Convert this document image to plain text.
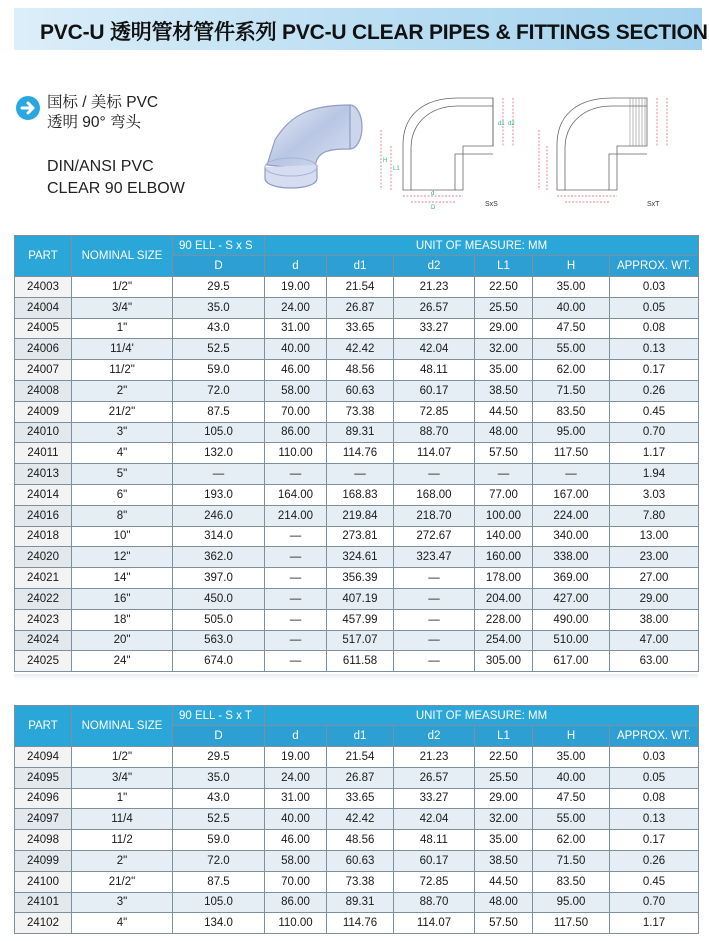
PVC-U 透明管材管件系列 PVC-U CLEAR PIPES & FITTINGS SECTION
国标 / 美标 PVC
透明 90° 弯头
DIN/ANSI PVC
CLEAR 90 ELBOW
d1 d2
H
L1
d
D	SxS	SxT
PART	NOMINAL SIZE	90 ELL - S x S	UNIT OF MEASURE: MM					
		D	d	d1	d2	L1	H	APPROX. WT.
24003	1/2"	29.5	19.00	21.54	21.23	22.50	35.00	0.03
24004	3/4"	35.0	24.00	26.87	26.57	25.50	40.00	0.05
24005	1"	43.0	31.00	33.65	33.27	29.00	47.50	0.08
24006	11/4'	52.5	40.00	42.42	42.04	32.00	55.00	0.13
24007	11/2"	59.0	46.00	48.56	48.11	35.00	62.00	0.17
24008	2"	72.0	58.00	60.63	60.17	38.50	71.50	0.26
24009	21/2"	87.5	70.00	73.38	72.85	44.50	83.50	0.45
24010	3"	105.0	86.00	89.31	88.70	48.00	95.00	0.70
24011	4"	132.0	110.00	114.76	114.07	57.50	117.50	1.17
24013	5"	—	—	—	—	—	—	1.94
24014	6"	193.0	164.00	168.83	168.00	77.00	167.00	3.03
24016	8"	246.0	214.00	219.84	218.70	100.00	224.00	7.80
24018	10"	314.0	—	273.81	272.67	140.00	340.00	13.00
24020	12"	362.0	—	324.61	323.47	160.00	338.00	23.00
24021	14"	397.0	—	356.39	—	178.00	369.00	27.00
24022	16"	450.0	—	407.19	—	204.00	427.00	29.00
24023	18"	505.0	—	457.99	—	228.00	490.00	38.00
24024	20"	563.0	—	517.07	—	254.00	510.00	47.00
24025	24"	674.0	—	611.58	—	305.00	617.00	63.00
PART	NOMINAL SIZE	90 ELL - S x T	UNIT OF MEASURE: MM					
		D	d	d1	d2	L1	H	APPROX. WT.
24094	1/2"	29.5	19.00	21.54	21.23	22.50	35.00	0.03
24095	3/4"	35.0	24.00	26.87	26.57	25.50	40.00	0.05
24096	1"	43.0	31.00	33.65	33.27	29.00	47.50	0.08
24097	11/4	52.5	40.00	42.42	42.04	32.00	55.00	0.13
24098	11/2	59.0	46.00	48.56	48.11	35.00	62.00	0.17
24099	2"	72.0	58.00	60.63	60.17	38.50	71.50	0.26
24100	21/2"	87.5	70.00	73.38	72.85	44.50	83.50	0.45
24101	3"	105.0	86.00	89.31	88.70	48.00	95.00	0.70
24102	4"	134.0	110.00	114.76	114.07	57.50	117.50	1.17
